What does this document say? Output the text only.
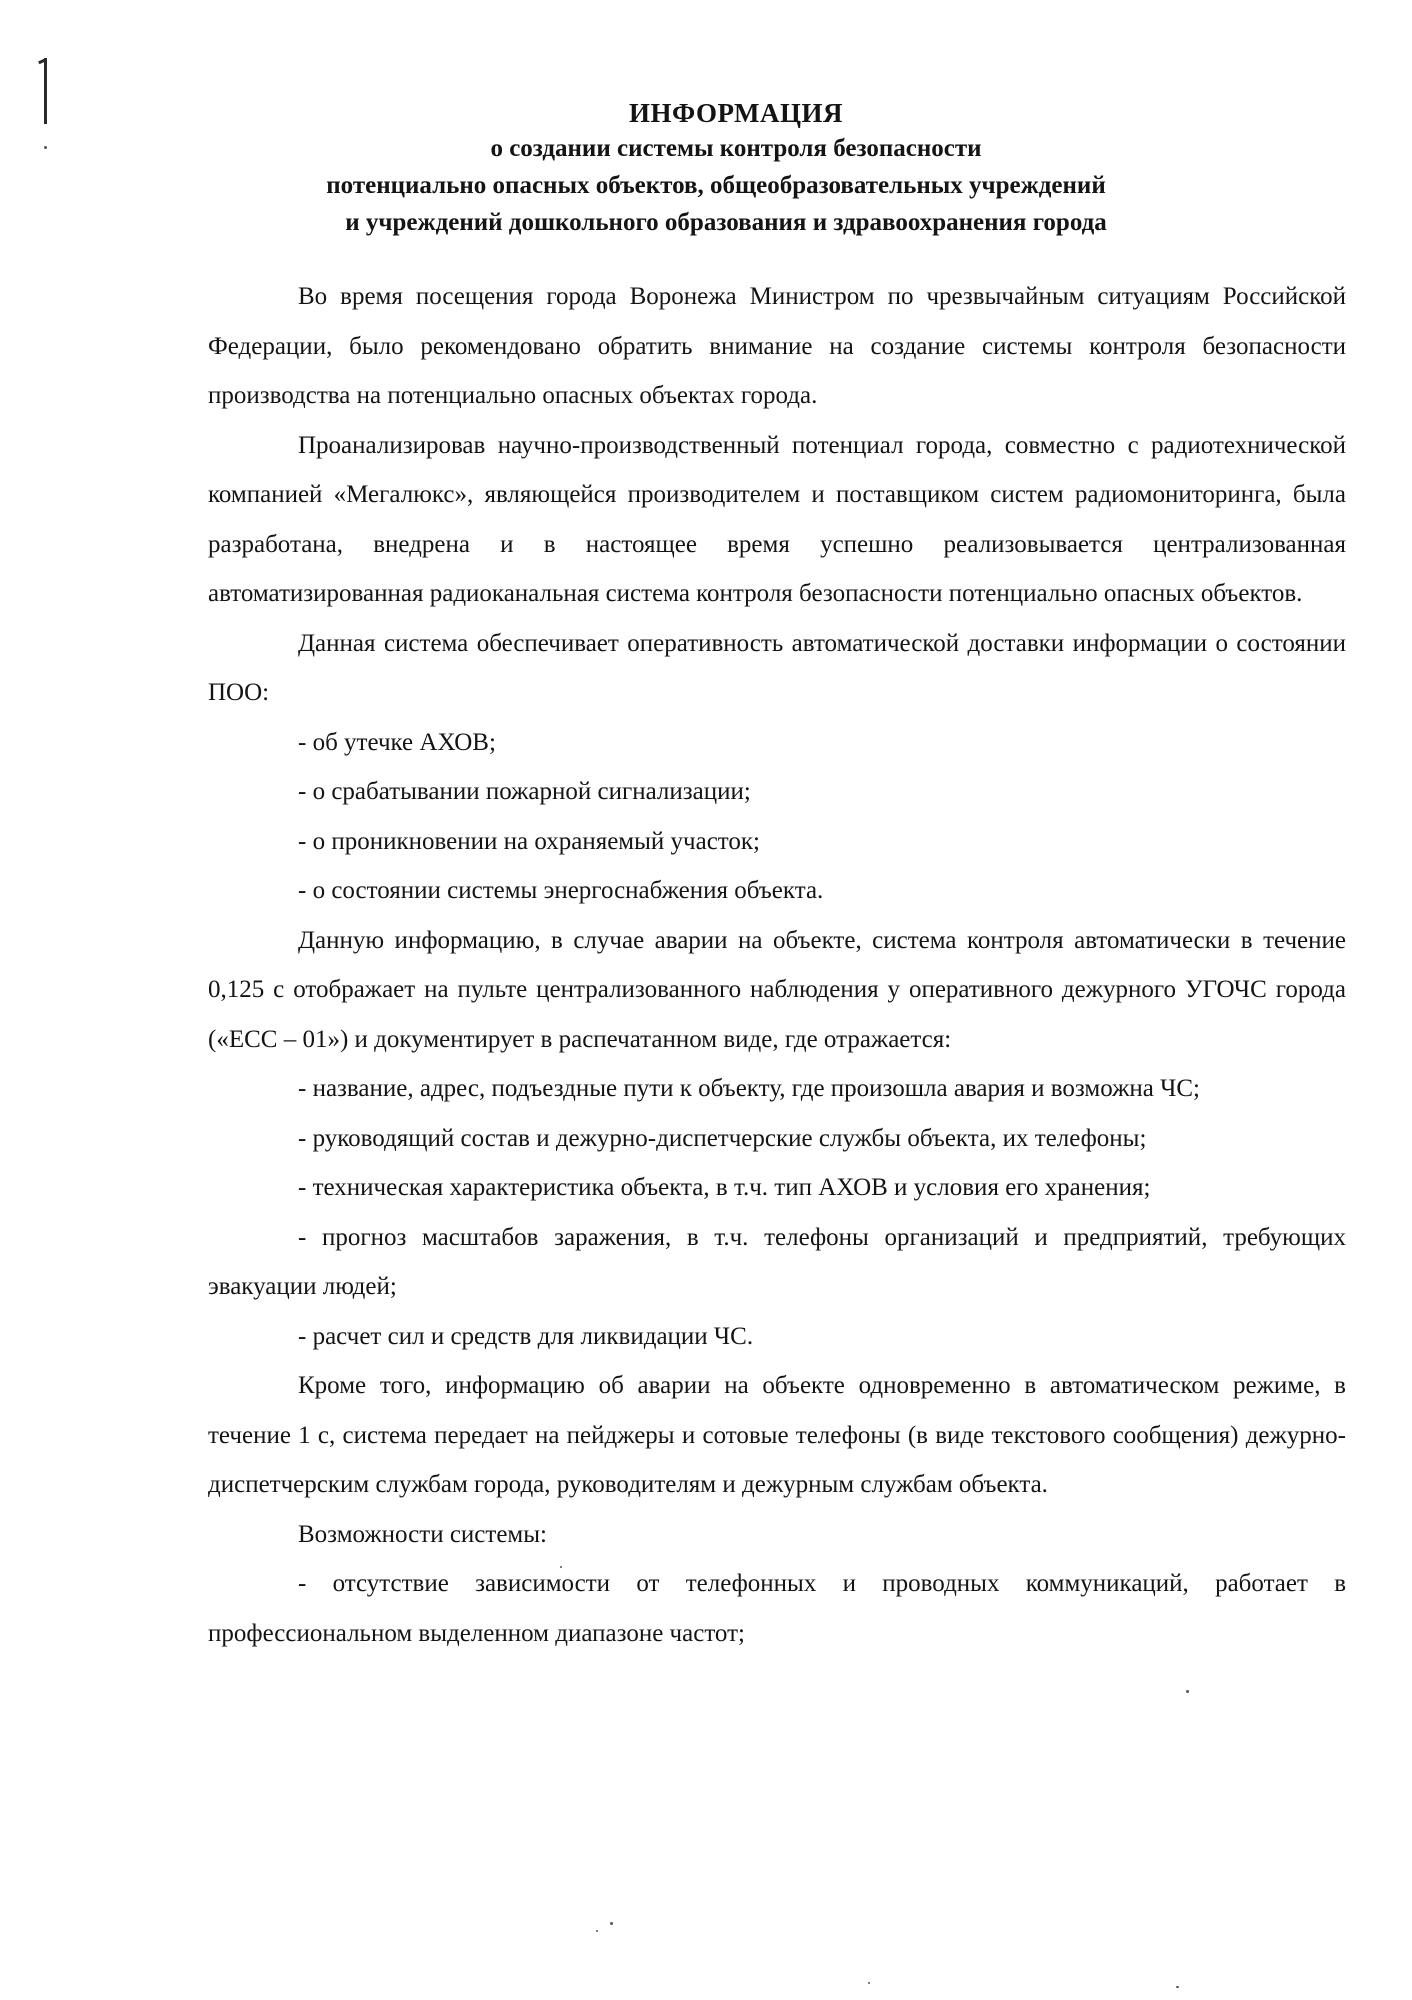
ИНФОРМАЦИЯ
о создании системы контроля безопасности
потенциально опасных объектов, общеобразовательных учреждений
и учреждений дошкольного образования и здравоохранения города

Во время посещения города Воронежа Министром по чрезвычайным ситуациям Российской Федерации, было рекомендовано обратить внимание на создание системы контроля безопасности производства на потенциально опасных объектах города.

Проанализировав научно-производственный потенциал города, совместно с радиотехнической компанией «Мегалюкс», являющейся производителем и поставщиком систем радиомониторинга, была разработана, внедрена и в настоящее время успешно реализовывается централизованная автоматизированная радиоканальная система контроля безопасности потенциально опасных объектов.

Данная система обеспечивает оперативность автоматической доставки информации о состоянии ПОО:

- об утечке АХОВ;

- о срабатывании пожарной сигнализации;

- о проникновении на охраняемый участок;

- о состоянии системы энергоснабжения объекта.

Данную информацию, в случае аварии на объекте, система контроля автоматически в течение 0,125 с отображает на пульте централизованного наблюдения у оперативного дежурного УГОЧС города («ЕСС – 01») и документирует в распечатанном виде, где отражается:

- название, адрес, подъездные пути к объекту, где произошла авария и возможна ЧС;

- руководящий состав и дежурно-диспетчерские службы объекта, их телефоны;

- техническая характеристика объекта, в т.ч. тип АХОВ и условия его хранения;

- прогноз масштабов заражения, в т.ч. телефоны организаций и предприятий, требующих эвакуации людей;

- расчет сил и средств для ликвидации ЧС.

Кроме того, информацию об аварии на объекте одновременно в автоматическом режиме, в течение 1 с, система передает на пейджеры и сотовые телефоны (в виде текстового сообщения) дежурно-диспетчерским службам города, руководителям и дежурным службам объекта.

Возможности системы:

- отсутствие зависимости от телефонных и проводных коммуникаций, работает в профессиональном выделенном диапазоне частот;
